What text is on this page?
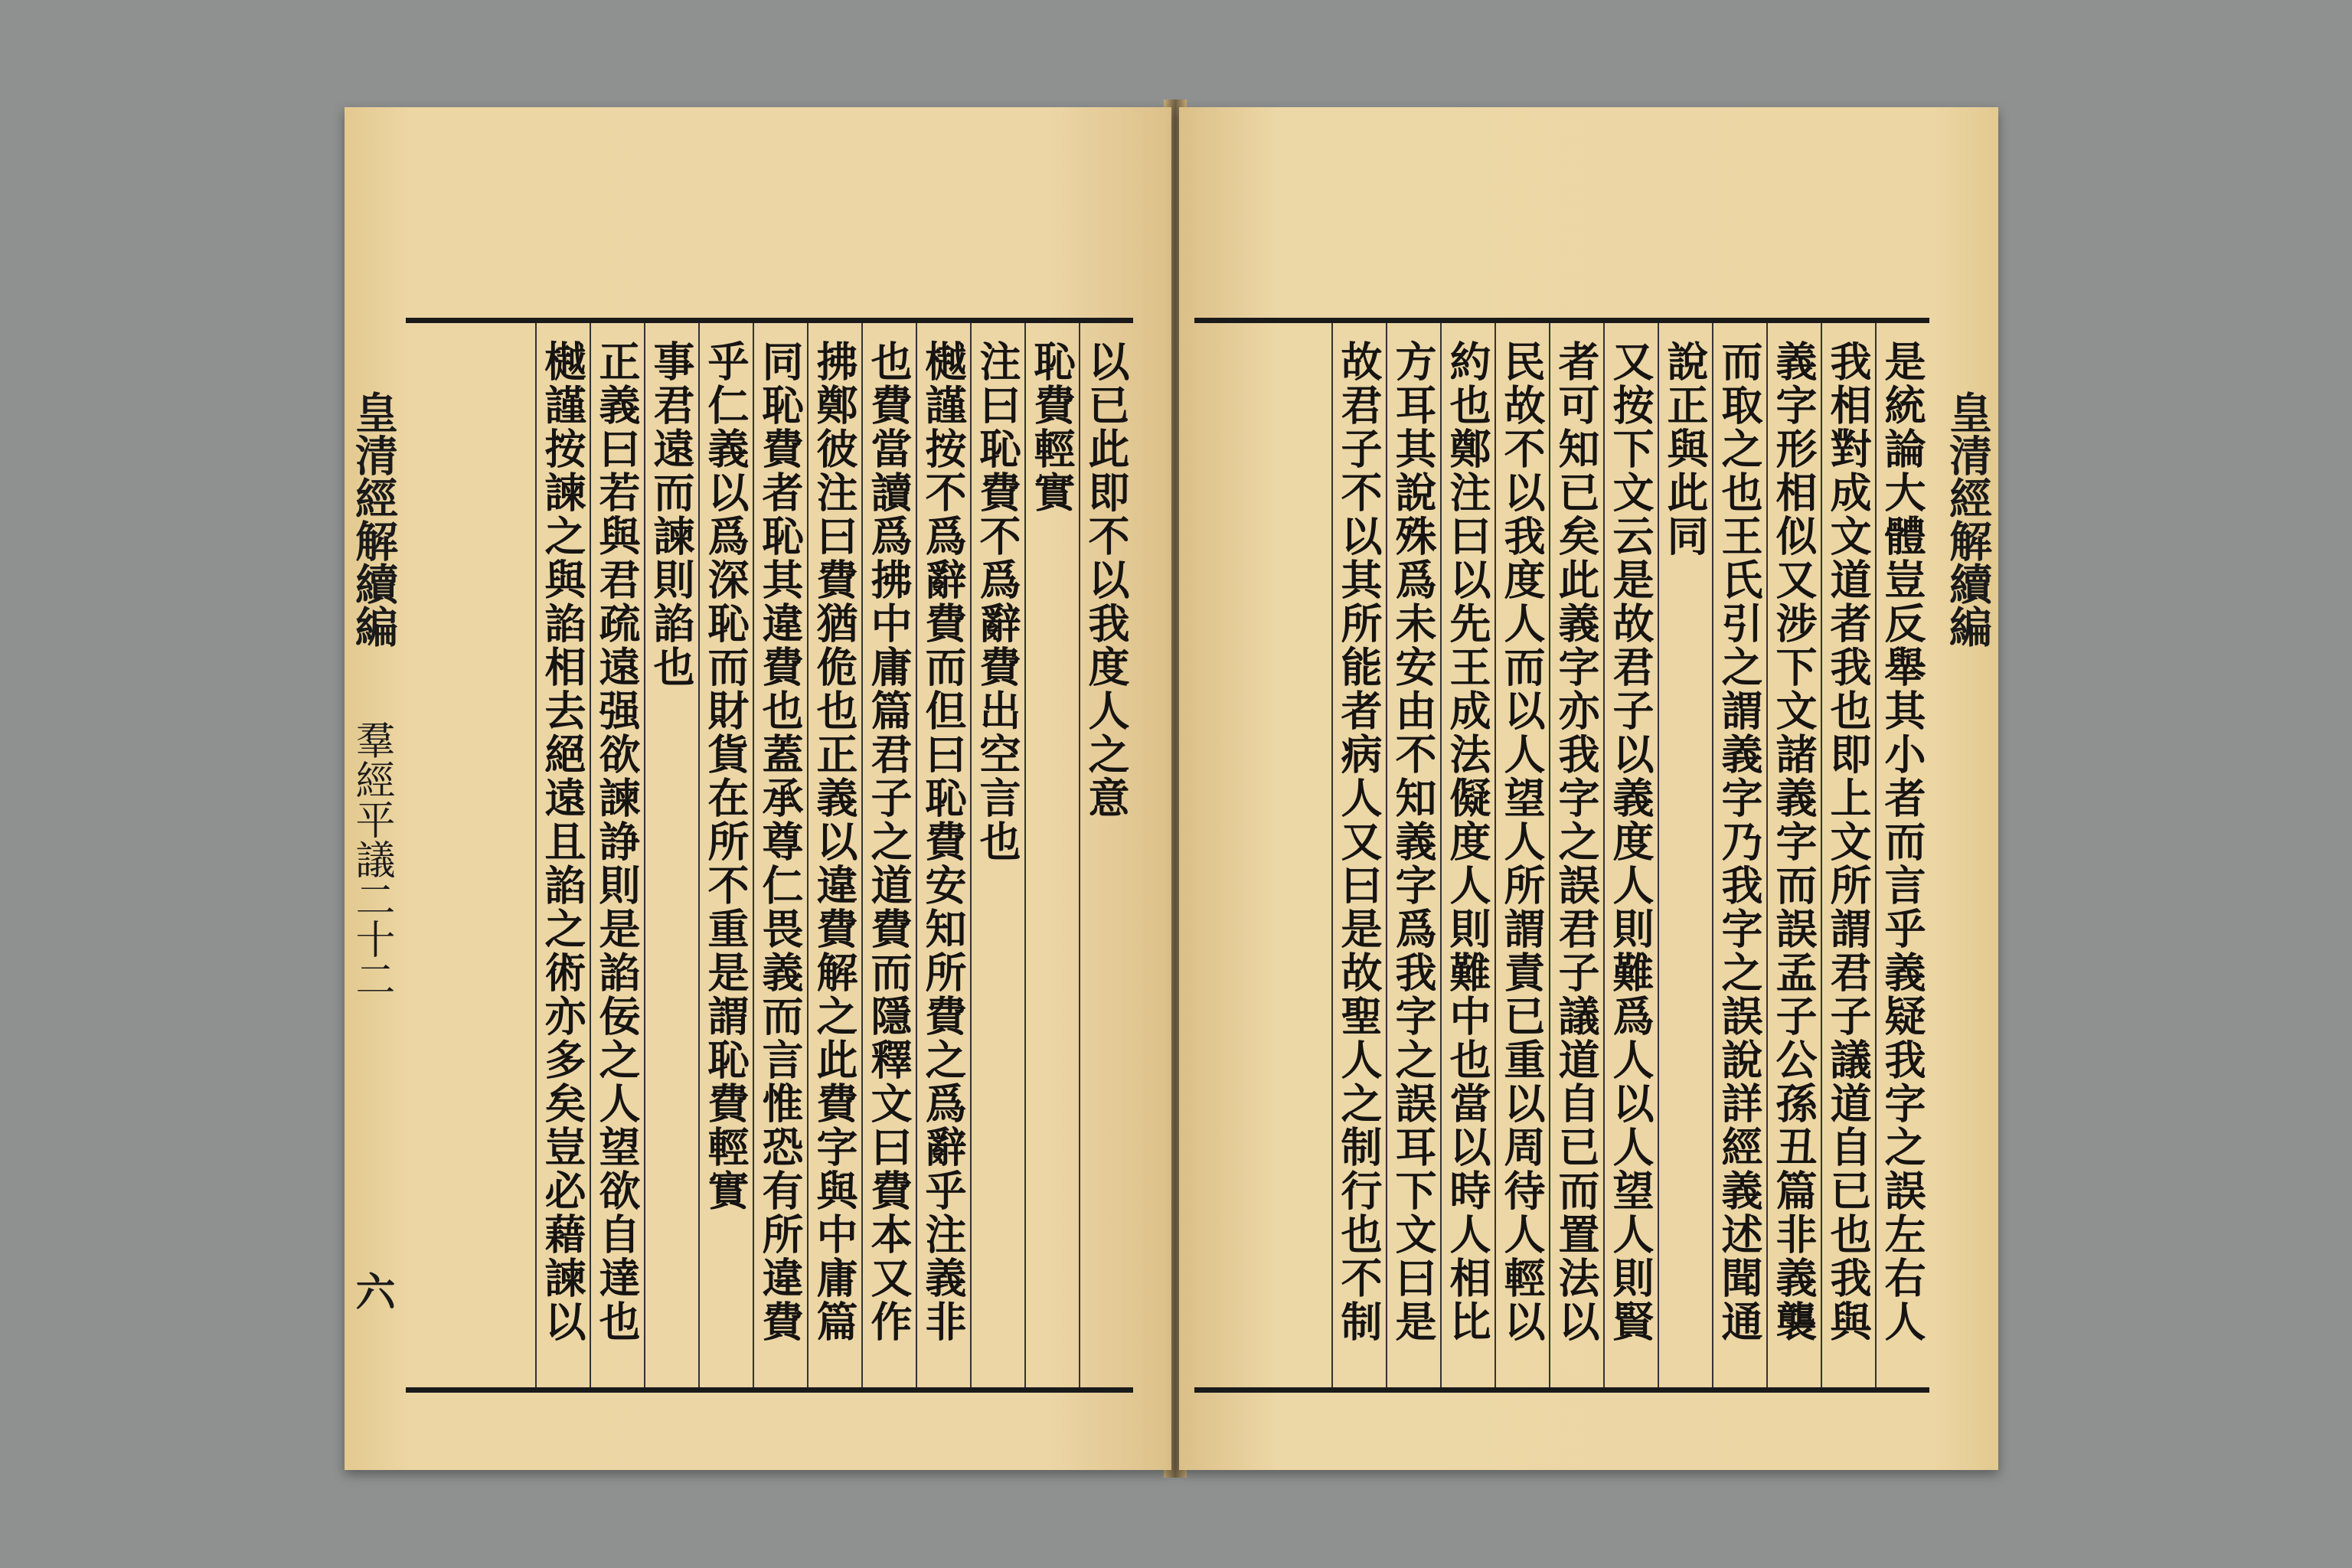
皇清經解續編
羣經平議二十二
六
以已此即不以我度人之意
恥費輕實
注曰恥費不爲辭費出空言也
樾謹按不爲辭費而但曰恥費安知所費之爲辭乎注義非
也費當讀爲拂中庸篇君子之道費而隱釋文曰費本又作
拂鄭彼注曰費猶佹也正義以違費解之此費字與中庸篇
同恥費者恥其違費也蓋承尊仁畏義而言惟恐有所違費
乎仁義以爲深恥而財貨在所不重是謂恥費輕實
事君遠而諫則諂也
正義曰若與君疏遠强欲諫諍則是諂佞之人望欲自達也
樾謹按諫之與諂相去絕遠且諂之術亦多矣豈必藉諫以	皇清經解續編
是統論大體豈反舉其小者而言乎義疑我字之誤左右人
我相對成文道者我也即上文所謂君子議道自已也我與
義字形相似又涉下文諸義字而誤孟子公孫丑篇非義襲
而取之也王氏引之謂義字乃我字之誤說詳經義述聞通
說正與此同
又按下文云是故君子以義度人則難爲人以人望人則賢
者可知已矣此義字亦我字之誤君子議道自已而置法以
民故不以我度人而以人望人所謂責已重以周待人輕以
約也鄭注曰以先王成法儗度人則難中也當以時人相比
方耳其說殊爲未安由不知義字爲我字之誤耳下文曰是
故君子不以其所能者病人又曰是故聖人之制行也不制
